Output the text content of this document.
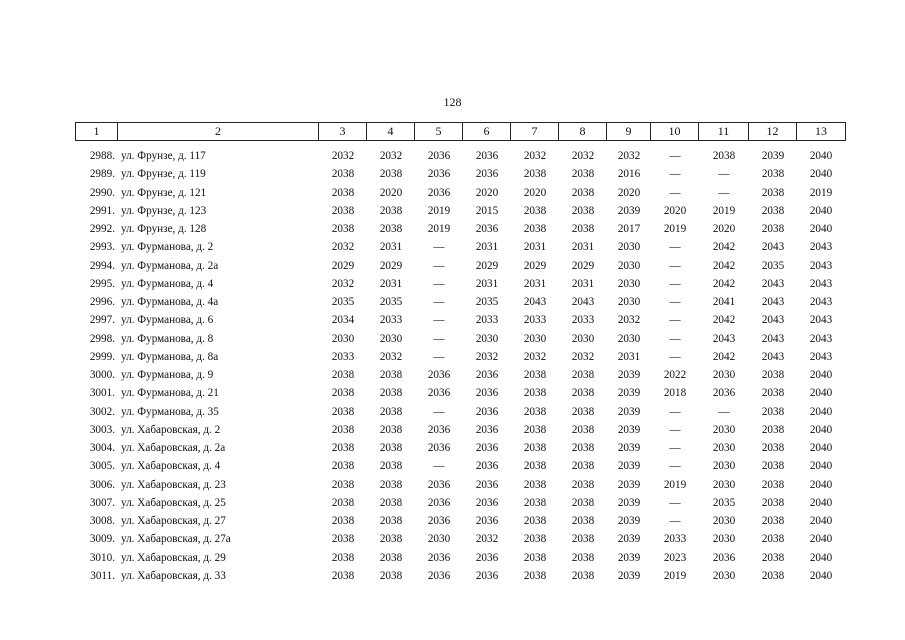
128
1	2	3	4	5	6	7	8	9	10	11	12	13
2988. ул. Фрунзе, д. 117	2032	2032	2036	2036	2032	2032	2032	—	2038	2039	2040
2989. ул. Фрунзе, д. 119	2038	2038	2036	2036	2038	2038	2016	—	—	2038	2040
2990. ул. Фрунзе, д. 121	2038	2020	2036	2020	2020	2038	2020	—	—	2038	2019
2991. ул. Фрунзе, д. 123	2038	2038	2019	2015	2038	2038	2039	2020	2019	2038	2040
2992. ул. Фрунзе, д. 128	2038	2038	2019	2036	2038	2038	2017	2019	2020	2038	2040
2993. ул. Фурманова, д. 2	2032	2031	—	2031	2031	2031	2030	—	2042	2043	2043
2994. ул. Фурманова, д. 2а	2029	2029	—	2029	2029	2029	2030	—	2042	2035	2043
2995. ул. Фурманова, д. 4	2032	2031	—	2031	2031	2031	2030	—	2042	2043	2043
2996. ул. Фурманова, д. 4а	2035	2035	—	2035	2043	2043	2030	—	2041	2043	2043
2997. ул. Фурманова, д. 6	2034	2033	—	2033	2033	2033	2032	—	2042	2043	2043
2998. ул. Фурманова, д. 8	2030	2030	—	2030	2030	2030	2030	—	2043	2043	2043
2999. ул. Фурманова, д. 8а	2033	2032	—	2032	2032	2032	2031	—	2042	2043	2043
3000. ул. Фурманова, д. 9	2038	2038	2036	2036	2038	2038	2039	2022	2030	2038	2040
3001. ул. Фурманова, д. 21	2038	2038	2036	2036	2038	2038	2039	2018	2036	2038	2040
3002. ул. Фурманова, д. 35	2038	2038	—	2036	2038	2038	2039	—	—	2038	2040
3003. ул. Хабаровская, д. 2	2038	2038	2036	2036	2038	2038	2039	—	2030	2038	2040
3004. ул. Хабаровская, д. 2а	2038	2038	2036	2036	2038	2038	2039	—	2030	2038	2040
3005. ул. Хабаровская, д. 4	2038	2038	—	2036	2038	2038	2039	—	2030	2038	2040
3006. ул. Хабаровская, д. 23	2038	2038	2036	2036	2038	2038	2039	2019	2030	2038	2040
3007. ул. Хабаровская, д. 25	2038	2038	2036	2036	2038	2038	2039	—	2035	2038	2040
3008. ул. Хабаровская, д. 27	2038	2038	2036	2036	2038	2038	2039	—	2030	2038	2040
3009. ул. Хабаровская, д. 27а	2038	2038	2030	2032	2038	2038	2039	2033	2030	2038	2040
3010. ул. Хабаровская, д. 29	2038	2038	2036	2036	2038	2038	2039	2023	2036	2038	2040
3011. ул. Хабаровская, д. 33	2038	2038	2036	2036	2038	2038	2039	2019	2030	2038	2040
